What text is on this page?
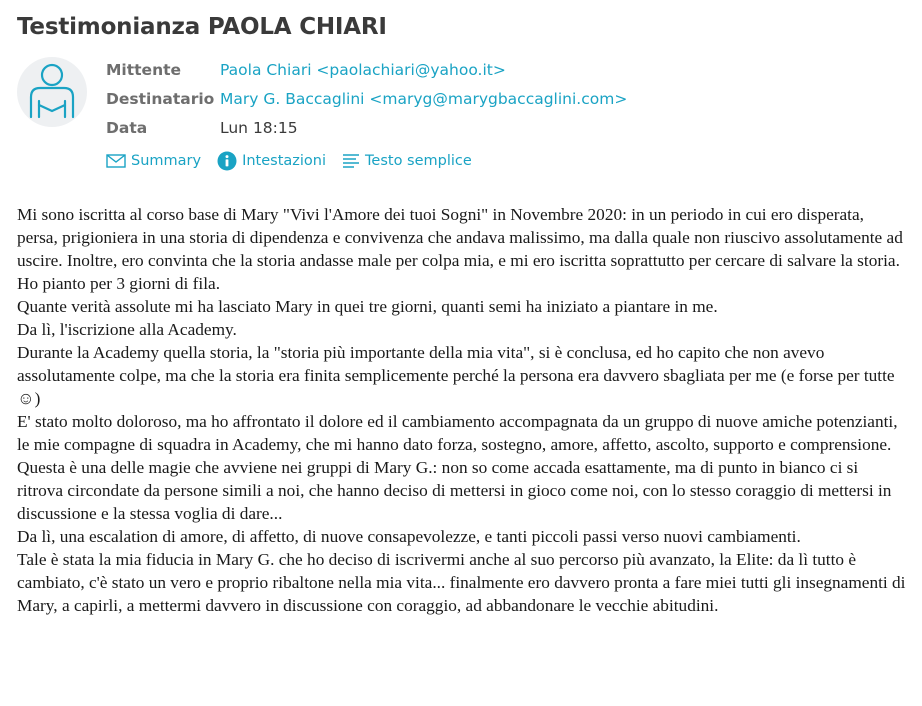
Testimonianza PAOLA CHIARI
Mittente	Paola Chiari <paolachiari@yahoo.it>
Destinatario Mary G. Baccaglini <maryg@marygbaccaglini.com>
Data	Lun 18:15
Summary	Intestazioni	Testo semplice

Mi sono iscritta al corso base di Mary "Vivi l'Amore dei tuoi Sogni" in Novembre 2020: in un periodo in cui ero disperata, persa, prigioniera in una storia di dipendenza e convivenza che andava malissimo, ma dalla quale non riuscivo assolutamente ad uscire. Inoltre, ero convinta che la storia andasse male per colpa mia, e mi ero iscritta soprattutto per cercare di salvare la storia.

Ho pianto per 3 giorni di fila.

Quante verità assolute mi ha lasciato Mary in quei tre giorni, quanti semi ha iniziato a piantare in me.

Da lì, l'iscrizione alla Academy.

Durante la Academy quella storia, la "storia più importante della mia vita", si è conclusa, ed ho capito che non avevo assolutamente colpe, ma che la storia era finita semplicemente perché la persona era davvero sbagliata per me (e forse per tutte ☺)

E' stato molto doloroso, ma ho affrontato il dolore ed il cambiamento accompagnata da un gruppo di nuove amiche potenzianti, le mie compagne di squadra in Academy, che mi hanno dato forza, sostegno, amore, affetto, ascolto, supporto e comprensione.

Questa è una delle magie che avviene nei gruppi di Mary G.: non so come accada esattamente, ma di punto in bianco ci si ritrova circondate da persone simili a noi, che hanno deciso di mettersi in gioco come noi, con lo stesso coraggio di mettersi in discussione e la stessa voglia di dare...

Da lì, una escalation di amore, di affetto, di nuove consapevolezze, e tanti piccoli passi verso nuovi cambiamenti.

Tale è stata la mia fiducia in Mary G. che ho deciso di iscrivermi anche al suo percorso più avanzato, la Elite: da lì tutto è cambiato, c'è stato un vero e proprio ribaltone nella mia vita... finalmente ero davvero pronta a fare miei tutti gli insegnamenti di Mary, a capirli, a mettermi davvero in discussione con coraggio, ad abbandonare le vecchie abitudini.
